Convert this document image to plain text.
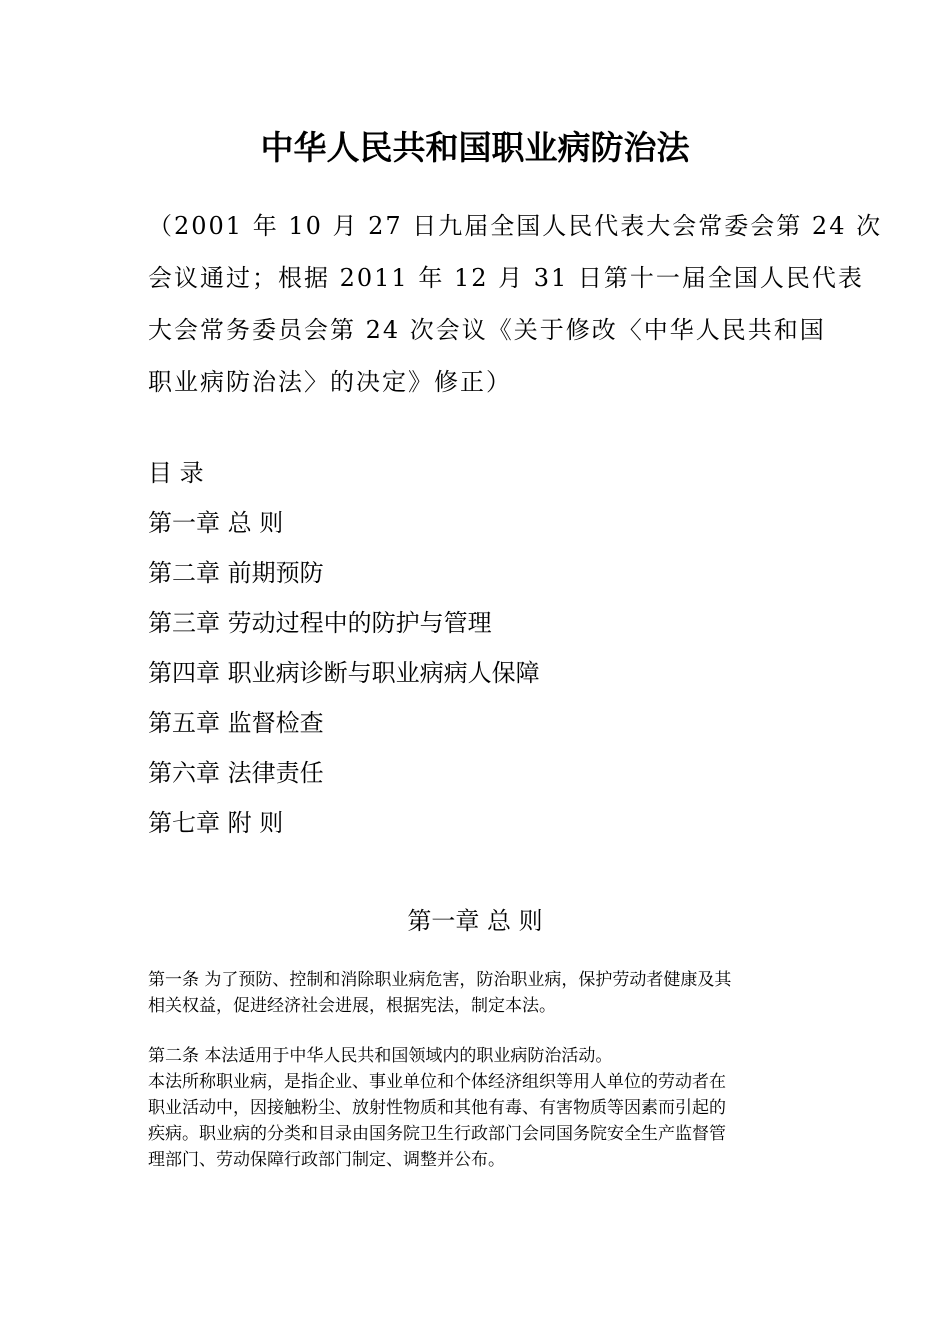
中华人民共和国职业病防治法
（2001 年 10 月 27 日九届全国人民代表大会常委会第 24 次
会议通过；根据 2011 年 12 月 31 日第十一届全国人民代表
大会常务委员会第 24 次会议《关于修改〈中华人民共和国
职业病防治法〉的决定》修正）
目 录
第一章 总 则
第二章 前期预防
第三章 劳动过程中的防护与管理
第四章 职业病诊断与职业病病人保障
第五章 监督检查
第六章 法律责任
第七章 附 则
第一章 总 则

第一条 为了预防、控制和消除职业病危害，防治职业病，保护劳动者健康及其

相关权益，促进经济社会进展，根据宪法，制定本法。

第二条 本法适用于中华人民共和国领域内的职业病防治活动。

本法所称职业病，是指企业、事业单位和个体经济组织等用人单位的劳动者在

职业活动中，因接触粉尘、放射性物质和其他有毒、有害物质等因素而引起的

疾病。职业病的分类和目录由国务院卫生行政部门会同国务院安全生产监督管

理部门、劳动保障行政部门制定、调整并公布。
